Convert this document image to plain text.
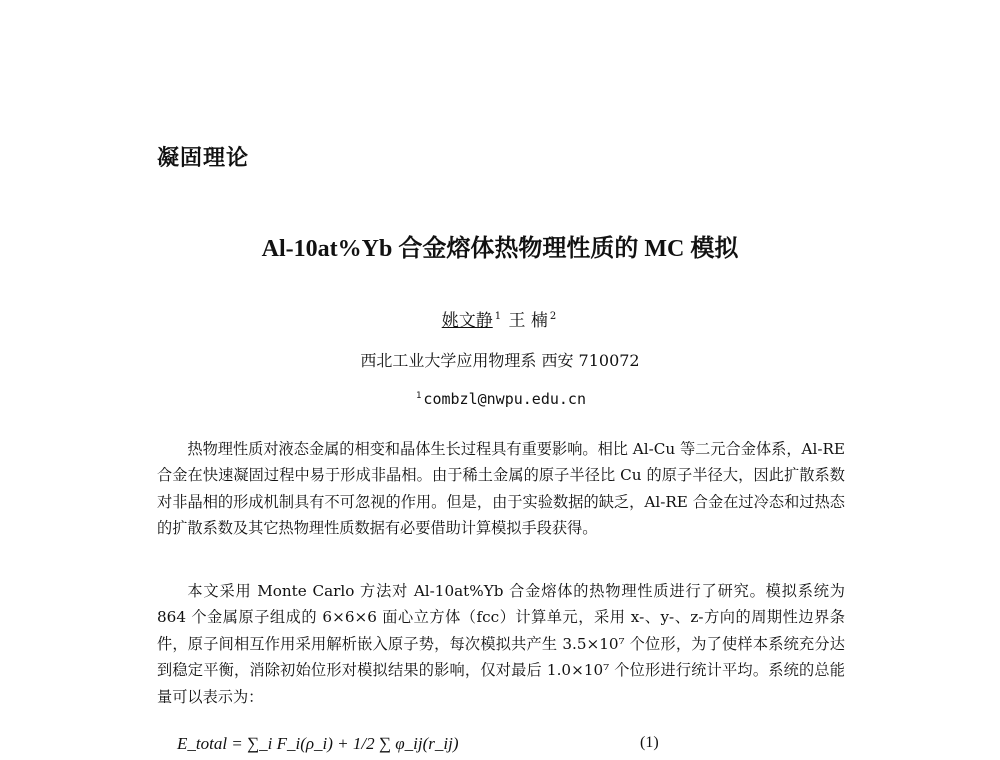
凝固理论
Al-10at%Yb 合金熔体热物理性质的 MC 模拟
姚文静 $^1$ 王 楠 $^2$
西北工业大学应用物理系 西安 710072
$^1$ combzl@nwpu.edu.cn

热物理性质对液态金属的相变和晶体生长过程具有重要影响。相比 Al-Cu 等二元合金体系，Al-RE 合金在快速凝固过程中易于形成非晶相。由于稀土金属的原子半径比 Cu 的原子半径大，因此扩散系数对非晶相的形成机制具有不可忽视的作用。但是，由于实验数据的缺乏，Al-RE 合金在过冷态和过热态的扩散系数及其它热物理性质数据有必要借助计算模拟手段获得。

本文采用 Monte Carlo 方法对 Al-10at%Yb 合金熔体的热物理性质进行了研究。模拟系统为 864 个金属原子组成的 6×6×6 面心立方体（fcc）计算单元，采用 x-、y-、z-方向的周期性边界条件，原子间相互作用采用解析嵌入原子势，每次模拟共产生 3.5×10⁷ 个位形，为了使样本系统充分达到稳定平衡，消除初始位形对模拟结果的影响，仅对最后 1.0×10⁷ 个位形进行统计平均。系统的总能量可以表示为：

E_total = ∑_i F_i(ρ_i) + 1/2 ∑ φ_ij(r_ij)	(1)
